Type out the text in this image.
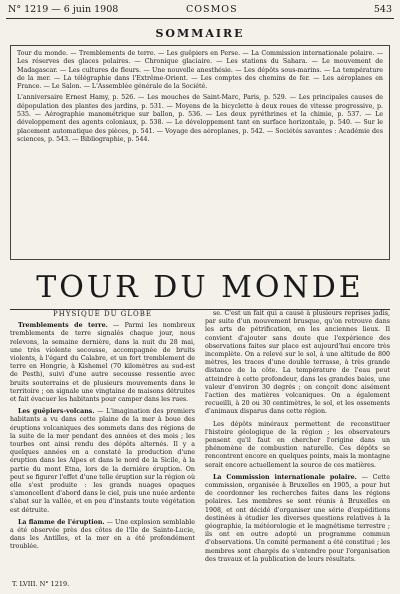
N° 1219 — 6 juin 1908	COSMOS	543
SOMMAIRE

Tour du monde. — Tremblements de terre. — Les guêpiers en Perse. — La Commission internationale polaire. — Les réserves des glaces polaires. — Chronique glaciaire. — Les stations du Sahara. — Le mouvement de Madagascar. — Les cultures de fleurs. — Une nouvelle anesthésie. — Les dépôts sous-marins. — La température de la mer. — La télégraphie dans l'Extrême-Orient. — Les comptes des chemins de fer. — Les aéroplanes en France. — Le Salon. — L'Assemblée générale de la Société.

L'anniversaire Ernest Hamy, p. 526. — Les mouches de Saint-Marc, Paris, p. 529. — Les principales causes de dépopulation des plantes des jardins, p. 531. — Moyens de la bicyclette à deux roues de vitesse progressive, p. 535. — Aérographie manométrique sur ballon, p. 536. — Les deux pyréthrines et la chimie, p. 537. — Le développement des agents coloniaux, p. 538. — Le développement tant en surface horizontale, p. 540. — Sur le placement automatique des pièces, p. 541. — Voyage des aéroplanes, p. 542. — Sociétés savantes : Académie des sciences, p. 543. — Bibliographie, p. 544.

TOUR DU MONDE

PHYSIQUE DU GLOBE

Tremblements de terre. — Parmi les nombreux tremblements de terre signalés chaque jour, nous relevons, la semaine dernière, dans la nuit du 28 mai, une très violente secousse, accompagnée de bruits violents, à l'égard du Calabre, et un fort tremblement de terre en Hongrie, à Kishemel (70 kilomètres au sud-est de Pesth), suivi d'une autre secousse ressentie avec bruits souterrains et de plusieurs mouvements dans le territoire ; on signale une vingtaine de maisons détruites et fait évacuer les habitants pour camper dans les rues.

Les guêpiers-volcans. — L'imagination des premiers habitants a vu dans cette plaine de la mer à boue des éruptions volcaniques des sommets dans des régions de la suite de la mer pendant des années et des mois ; les tourbes ont ainsi rendu des dépôts alternés. Il y a quelques années en a constaté la production d'une éruption dans les Alpes et dans le nord de la Sicile, à la partie du mont Etna, lors de la dernière éruption. On peut se figurer l'effet d'une telle éruption sur la région où elle s'est produite : les grands nuages opaques s'amoncellent d'abord dans le ciel, puis une nuée ardente s'abat sur la vallée, et en peu d'instants toute végétation est détruite.

La flamme de l'éruption. — Une explosion semblable a été observée près des côtes de l'île de Sainte-Lucie, dans les Antilles, et la mer en a été profondément troublée.

se. C'est un fait qui a causé à plusieurs reprises jadis, par suite d'un mouvement brusque, qu'on retrouve dans les arts de pétrification, en les anciennes lieux. Il convient d'ajouter sans doute que l'expérience des observations faites sur place est aujourd'hui encore très incomplète. On a relevé sur le sol, à une altitude de 800 mètres, les traces d'une double terrasse, à très grande distance de la côte. La température de l'eau peut atteindre à cette profondeur, dans les grandes baies, une valeur d'environ 30 degrés ; on conçoit donc aisément l'action des matières volcaniques. On a également recueilli, à 20 ou 30 centimètres, le sol, et les ossements d'animaux disparus dans cette région.

Les dépôts minéraux permettent de reconstituer l'histoire géologique de la région ; les observateurs pensent qu'il faut en chercher l'origine dans un phénomène de combustion naturelle. Ces dépôts se rencontrent encore en quelques points, mais la montagne serait encore actuellement la source de ces matières.

La Commission internationale polaire. — Cette commission, organisée à Bruxelles en 1905, a pour but de coordonner les recherches faites dans les régions polaires. Les membres se sont réunis à Bruxelles en 1908, et ont décidé d'organiser une série d'expéditions destinées à étudier les diverses questions relatives à la géographie, la météorologie et le magnétisme terrestre ; ils ont en outre adopté un programme commun d'observations. Un comité permanent a été constitué ; les membres sont chargés de s'entendre pour l'organisation des travaux et la publication de leurs résultats.

T. LVIII. N° 1219.
